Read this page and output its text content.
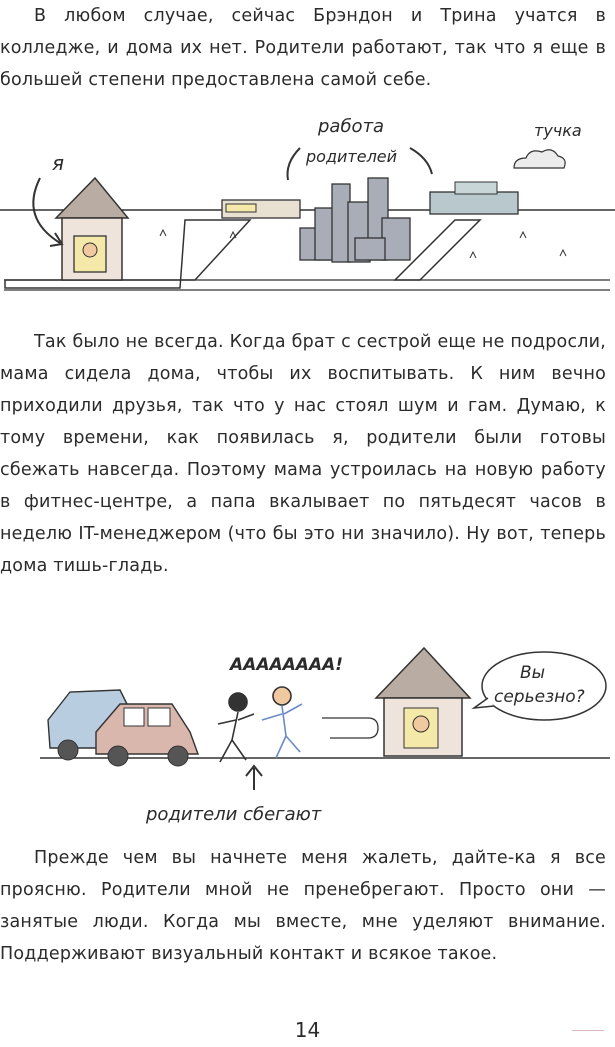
В любом случае, сейчас Брэндон и Трина учатся в колледже, и дома их нет. Родители работают, так что я еще в большей степени предоставлена самой себе.

я
работа
родителей
тучка

Так было не всегда. Когда брат с сестрой еще не подросли, мама сидела дома, чтобы их воспитывать. К ним вечно приходили друзья, так что у нас стоял шум и гам. Думаю, к тому времени, как появилась я, родители были готовы сбежать навсегда. Поэтому мама устроилась на новую работу в фитнес-центре, а папа вкалывает по пятьдесят часов в неделю IT-менеджером (что бы это ни значило). Ну вот, теперь дома тишь-гладь.

АААААААА!	Вы
серьезно?
родители сбегают

Прежде чем вы начнете меня жалеть, дайте-ка я все проясню. Родители мной не пренебрегают. Просто они — занятые люди. Когда мы вместе, мне уделяют внимание. Поддерживают визуальный контакт и всякое такое.

14
